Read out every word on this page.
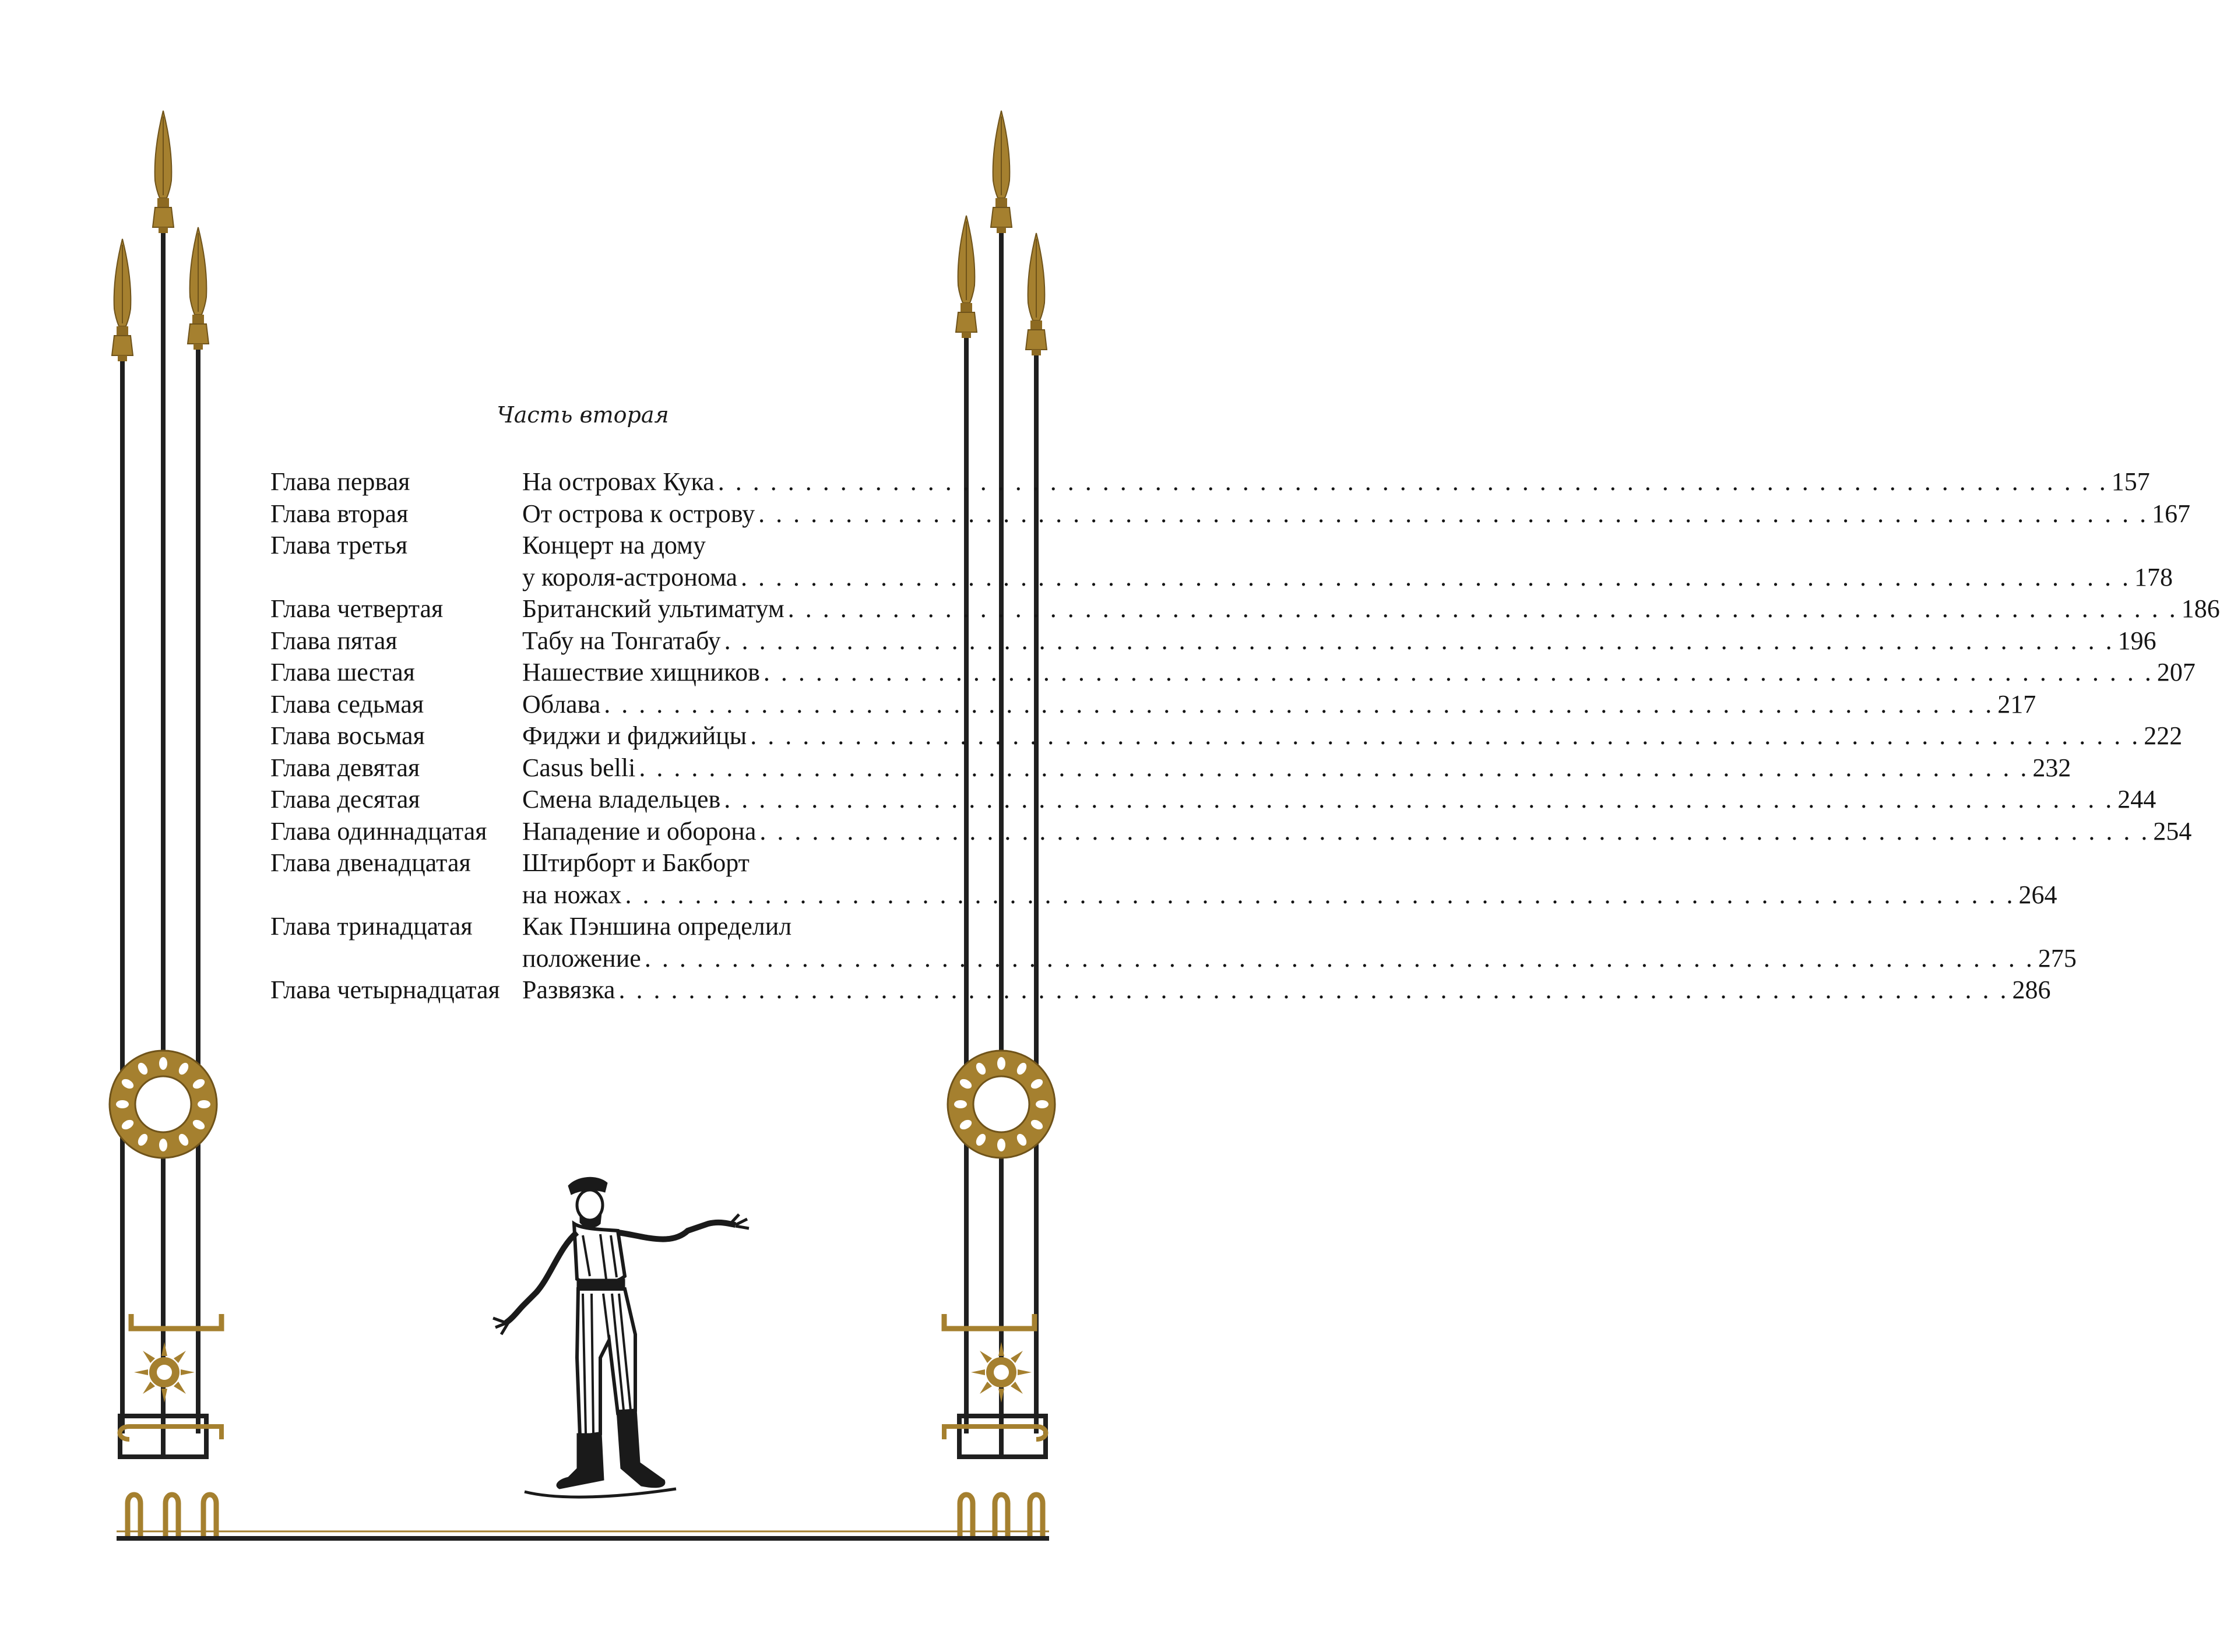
Часть вторая
Глава первая	На островах Кука . . . . . . . . . . . . . . . . . . . . . . . . . . . . . . . . . . . . . . . . . . . . . . . . . . . . . . . . . . . . . . . . . . . . . . . . . . . . . . . . 157
Глава вторая	От острова к острову . . . . . . . . . . . . . . . . . . . . . . . . . . . . . . . . . . . . . . . . . . . . . . . . . . . . . . . . . . . . . . . . . . . . . . . . . . . . . . . . 167
Глава третья	Концерт на дому
у короля-астронома . . . . . . . . . . . . . . . . . . . . . . . . . . . . . . . . . . . . . . . . . . . . . . . . . . . . . . . . . . . . . . . . . . . . . . . . . . . . . . . . 178
Глава четвертая	Британский ультиматум . . . . . . . . . . . . . . . . . . . . . . . . . . . . . . . . . . . . . . . . . . . . . . . . . . . . . . . . . . . . . . . . . . . . . . . . . . . . . . . . 186
Глава пятая	Табу на Тонгатабу . . . . . . . . . . . . . . . . . . . . . . . . . . . . . . . . . . . . . . . . . . . . . . . . . . . . . . . . . . . . . . . . . . . . . . . . . . . . . . . . 196
Глава шестая	Нашествие хищников . . . . . . . . . . . . . . . . . . . . . . . . . . . . . . . . . . . . . . . . . . . . . . . . . . . . . . . . . . . . . . . . . . . . . . . . . . . . . . . . 207
Глава седьмая	Облава . . . . . . . . . . . . . . . . . . . . . . . . . . . . . . . . . . . . . . . . . . . . . . . . . . . . . . . . . . . . . . . . . . . . . . . . . . . . . . . . 217
Глава восьмая	Фиджи и фиджийцы . . . . . . . . . . . . . . . . . . . . . . . . . . . . . . . . . . . . . . . . . . . . . . . . . . . . . . . . . . . . . . . . . . . . . . . . . . . . . . . . 222
Глава девятая	Casus belli . . . . . . . . . . . . . . . . . . . . . . . . . . . . . . . . . . . . . . . . . . . . . . . . . . . . . . . . . . . . . . . . . . . . . . . . . . . . . . . . 232
Глава десятая	Смена владельцев . . . . . . . . . . . . . . . . . . . . . . . . . . . . . . . . . . . . . . . . . . . . . . . . . . . . . . . . . . . . . . . . . . . . . . . . . . . . . . . . 244
Глава одиннадцатая	Нападение и оборона . . . . . . . . . . . . . . . . . . . . . . . . . . . . . . . . . . . . . . . . . . . . . . . . . . . . . . . . . . . . . . . . . . . . . . . . . . . . . . . . 254
Глава двенадцатая	Штирборт и Бакборт
на ножах . . . . . . . . . . . . . . . . . . . . . . . . . . . . . . . . . . . . . . . . . . . . . . . . . . . . . . . . . . . . . . . . . . . . . . . . . . . . . . . . 264
Глава тринадцатая	Как Пэншина определил
положение . . . . . . . . . . . . . . . . . . . . . . . . . . . . . . . . . . . . . . . . . . . . . . . . . . . . . . . . . . . . . . . . . . . . . . . . . . . . . . . . 275
Глава четырнадцатая Развязка . . . . . . . . . . . . . . . . . . . . . . . . . . . . . . . . . . . . . . . . . . . . . . . . . . . . . . . . . . . . . . . . . . . . . . . . . . . . . . . . 286
